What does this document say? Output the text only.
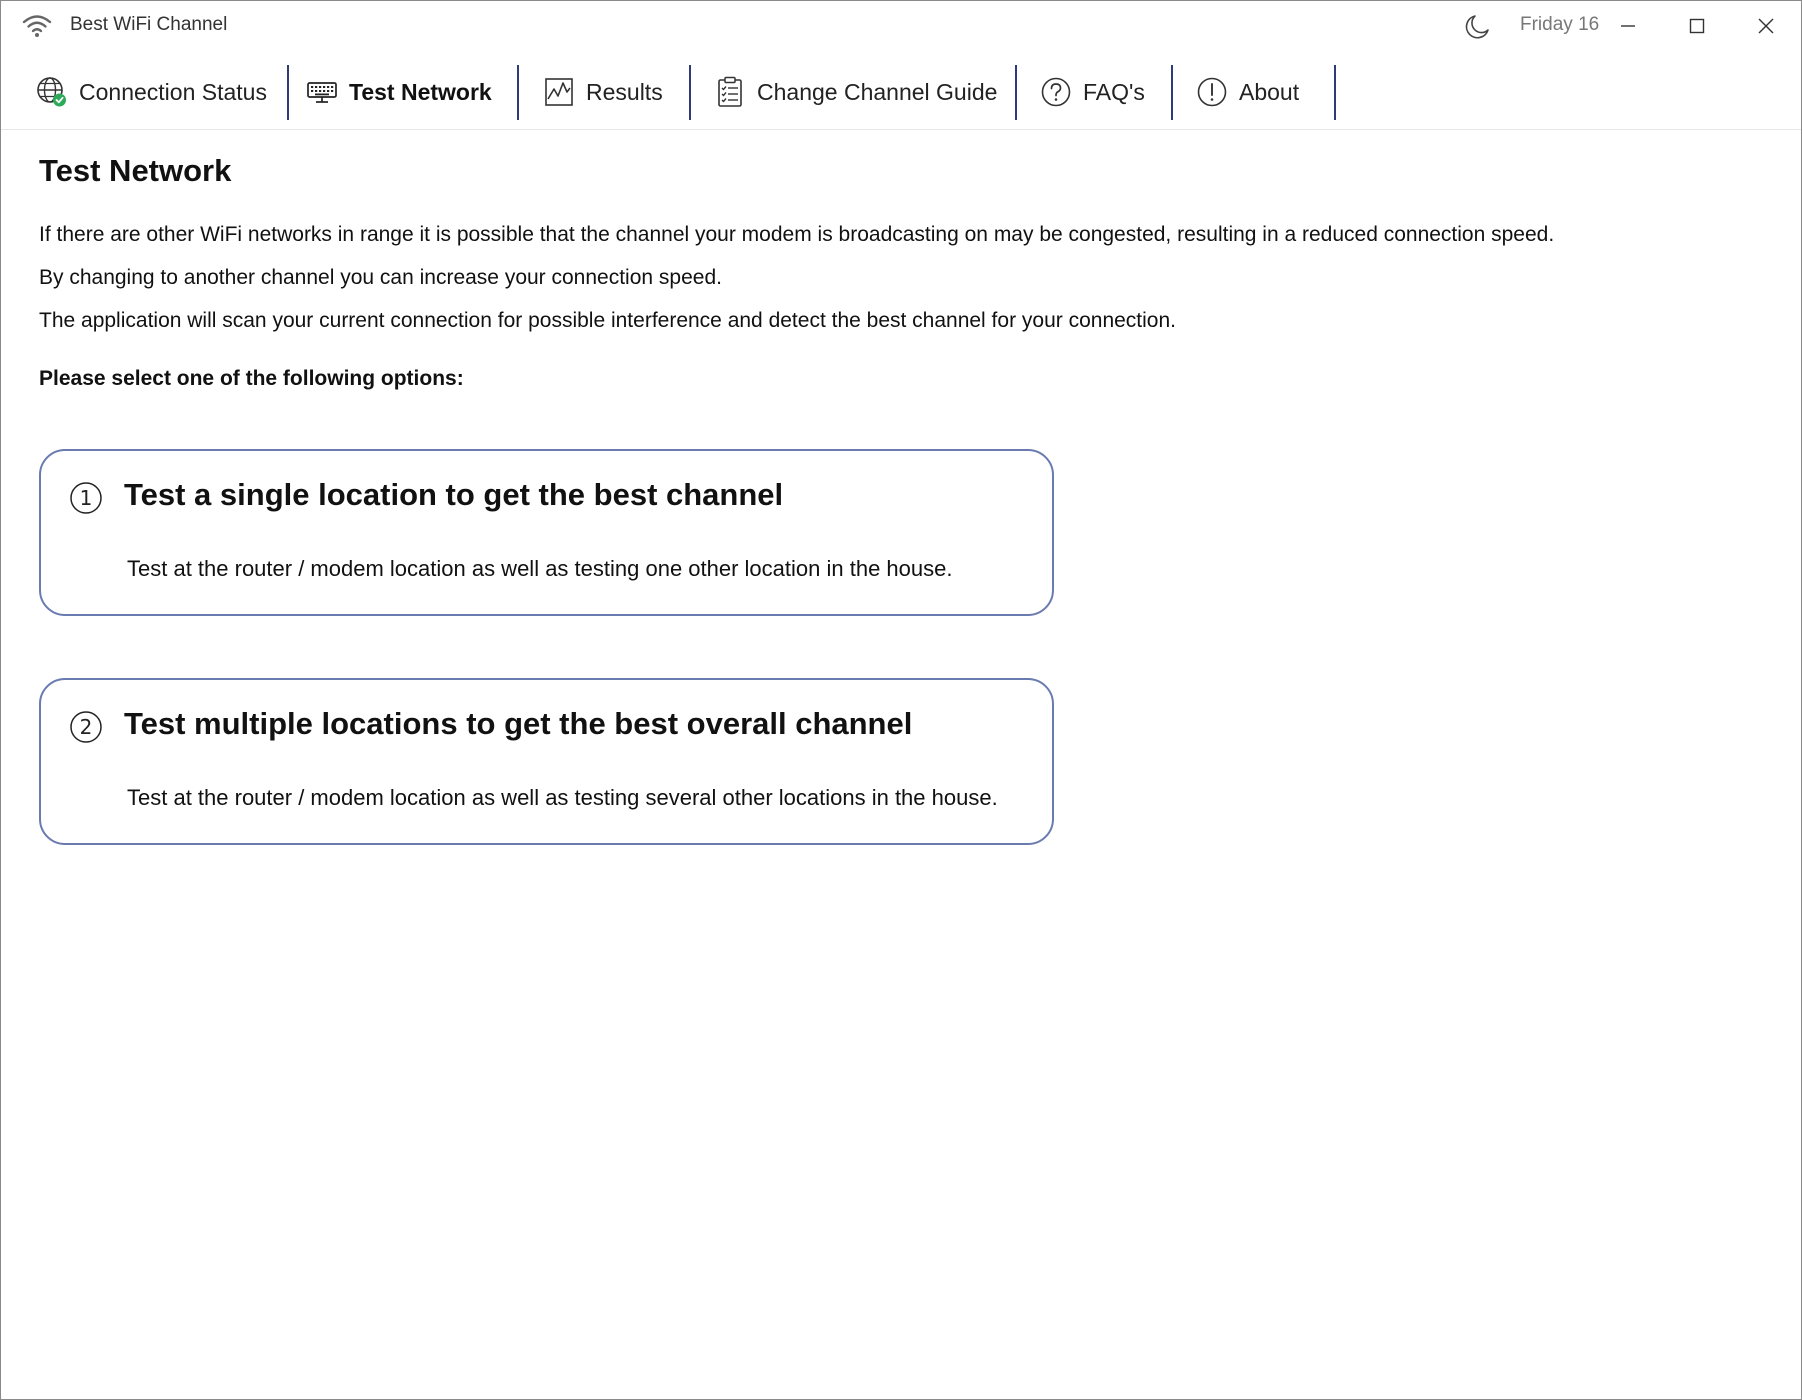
Best WiFi Channel	Friday 16
Connection Status	Test Network	Results	Change Channel Guide	FAQ's	About
Test Network
If there are other WiFi networks in range it is possible that the channel your modem is broadcasting on may be congested, resulting in a reduced connection speed.
By changing to another channel you can increase your connection speed.
The application will scan your current connection for possible interference and detect the best channel for your connection.
Please select one of the following options:
1 Test a single location to get the best channel
Test at the router / modem location as well as testing one other location in the house.
2 Test multiple locations to get the best overall channel
Test at the router / modem location as well as testing several other locations in the house.
